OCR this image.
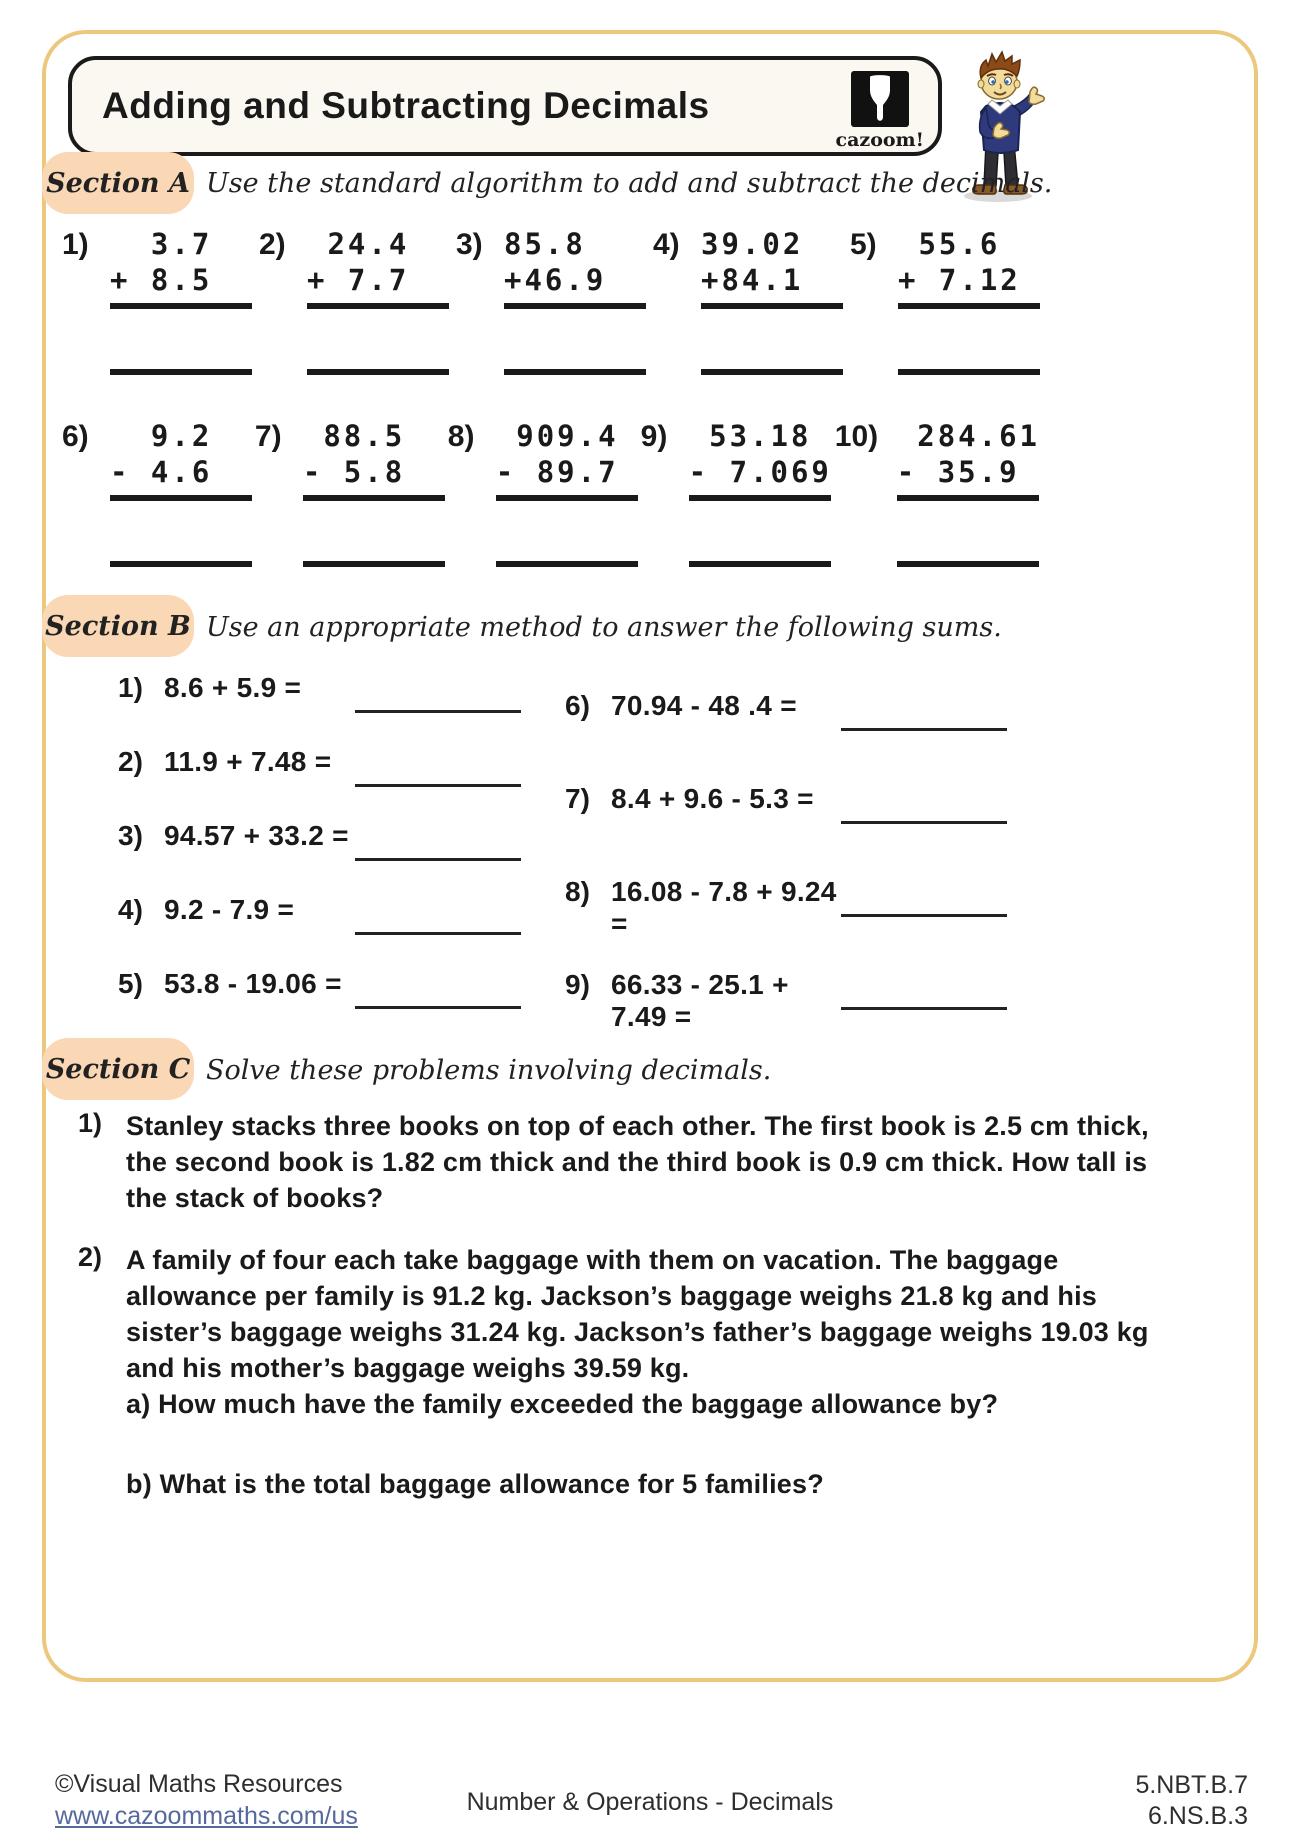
Adding and Subtracting Decimals
cazoom!
Section A Use the standard algorithm to add and subtract the decimals.
1) 3.7
+ 8.5
2) 24.4
+ 7.7
3) 85.8
+46.9
4) 39.02
+84.1
5) 55.6
+ 7.12
6) 9.2
- 4.6
7) 88.5
- 5.8
8) 909.4
- 89.7
9) 53.18
- 7.069
10) 284.61
- 35.9
Section B Use an appropriate method to answer the following sums.
1) 8.6 + 5.9 =
2) 11.9 + 7.48 =
3) 94.57 + 33.2 =
4) 9.2 - 7.9 =
5) 53.8 - 19.06 =
6) 70.94 - 48 .4 =
7) 8.4 + 9.6 - 5.3 =
8) 16.08 - 7.8 + 9.24 =
9) 66.33 - 25.1 + 7.49 =
Section C Solve these problems involving decimals.
1) Stanley stacks three books on top of each other. The first book is 2.5 cm thick, the second book is 1.82 cm thick and the third book is 0.9 cm thick. How tall is the stack of books?
2) A family of four each take baggage with them on vacation. The baggage allowance per family is 91.2 kg. Jackson’s baggage weighs 21.8 kg and his sister’s baggage weighs 31.24 kg. Jackson’s father’s baggage weighs 19.03 kg and his mother’s baggage weighs 39.59 kg.
a) How much have the family exceeded the baggage allowance by?
b) What is the total baggage allowance for 5 families?
©Visual Maths Resources
www.cazoommaths.com/us	Number & Operations - Decimals
5.NBT.B.7
6.NS.B.3
